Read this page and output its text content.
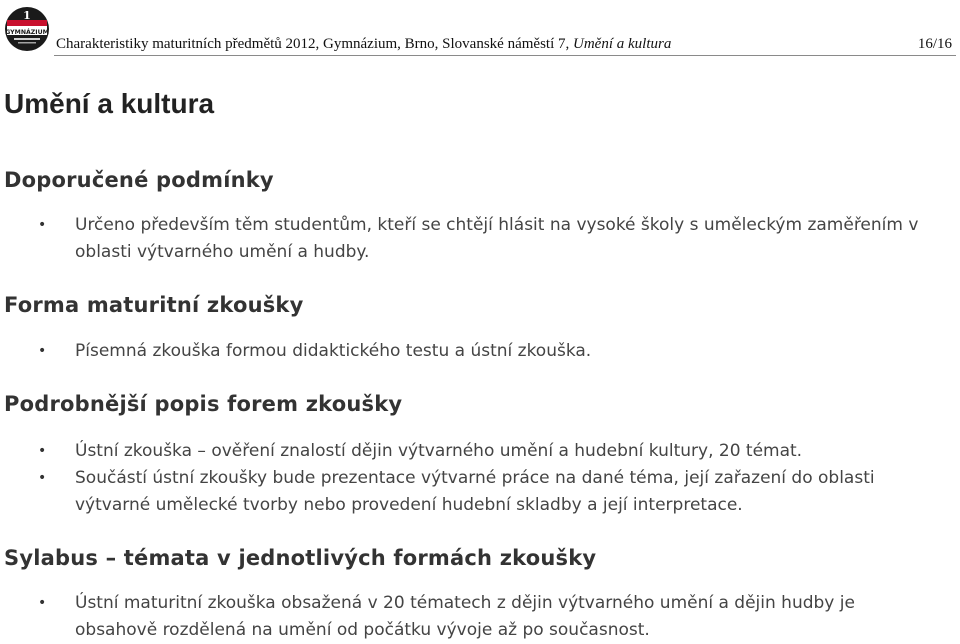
1
GYMNÁZIUM
Charakteristiky maturitních předmětů 2012, Gymnázium, Brno, Slovanské náměstí 7, Umění a kultura	16/16
Umění a kultura
Doporučené podmínky
• Určeno především těm studentům, kteří se chtějí hlásit na vysoké školy s uměleckým zaměřením v oblasti výtvarného umění a hudby.
Forma maturitní zkoušky
• Písemná zkouška formou didaktického testu a ústní zkouška.
Podrobnější popis forem zkoušky
• Ústní zkouška – ověření znalostí dějin výtvarného umění a hudební kultury, 20 témat.
• Součástí ústní zkoušky bude prezentace výtvarné práce na dané téma, její zařazení do oblasti výtvarné umělecké tvorby nebo provedení hudební skladby a její interpretace.
Sylabus – témata v jednotlivých formách zkoušky
• Ústní maturitní zkouška obsažená v 20 tématech z dějin výtvarného umění a dějin hudby je obsahově rozdělená na umění od počátku vývoje až po současnost.
